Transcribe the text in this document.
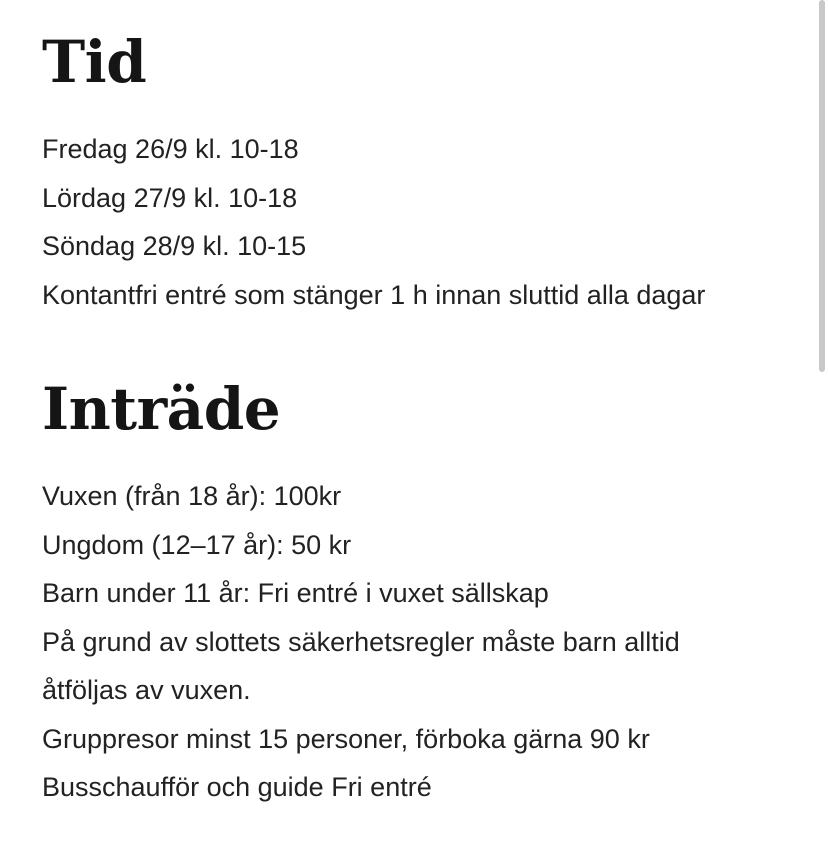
Tid
Fredag 26/9 kl. 10-18
Lördag 27/9 kl. 10-18
Söndag 28/9 kl. 10-15
Kontantfri entré som stänger 1 h innan sluttid alla dagar
Inträde
Vuxen (från 18 år): 100kr
Ungdom (12–17 år): 50 kr
Barn under 11 år: Fri entré i vuxet sällskap
På grund av slottets säkerhetsregler måste barn alltid
åtföljas av vuxen.
Gruppresor minst 15 personer, förboka gärna 90 kr
Busschaufför och guide Fri entré
